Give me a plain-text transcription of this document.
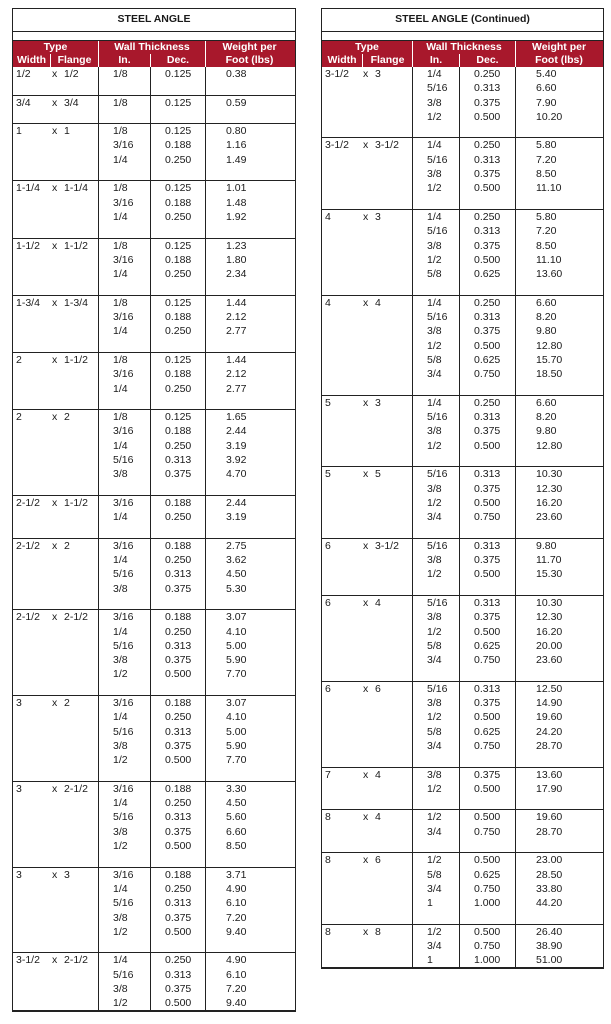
STEEL ANGLE
Type	Wall Thickness	Weight per
Width	Flange	In.	Dec.	Foot (lbs)
1/2	x 1/2	1/8	0.125	0.38
3/4	x 3/4	1/8	0.125	0.59
1	x 1	1/8	0.125	0.80
3/16	0.188	1.16
1/4	0.250	1.49
1-1/4	x 1-1/4	1/8	0.125	1.01
3/16	0.188	1.48
1/4	0.250	1.92
1-1/2	x 1-1/2	1/8	0.125	1.23
3/16	0.188	1.80
1/4	0.250	2.34
1-3/4	x 1-3/4	1/8	0.125	1.44
3/16	0.188	2.12
1/4	0.250	2.77
2	x 1-1/2	1/8	0.125	1.44
3/16	0.188	2.12
1/4	0.250	2.77
2	x 2	1/8	0.125	1.65
3/16	0.188	2.44
1/4	0.250	3.19
5/16	0.313	3.92
3/8	0.375	4.70
2-1/2	x 1-1/2	3/16	0.188	2.44
1/4	0.250	3.19
2-1/2	x 2	3/16	0.188	2.75
1/4	0.250	3.62
5/16	0.313	4.50
3/8	0.375	5.30
2-1/2	x 2-1/2	3/16	0.188	3.07
1/4	0.250	4.10
5/16	0.313	5.00
3/8	0.375	5.90
1/2	0.500	7.70
3	x 2	3/16	0.188	3.07
1/4	0.250	4.10
5/16	0.313	5.00
3/8	0.375	5.90
1/2	0.500	7.70
3	x 2-1/2	3/16	0.188	3.30
1/4	0.250	4.50
5/16	0.313	5.60
3/8	0.375	6.60
1/2	0.500	8.50
3	x 3	3/16	0.188	3.71
1/4	0.250	4.90
5/16	0.313	6.10
3/8	0.375	7.20
1/2	0.500	9.40
3-1/2	x 2-1/2	1/4	0.250	4.90
5/16	0.313	6.10
3/8	0.375	7.20
1/2	0.500	9.40
STEEL ANGLE (Continued)
Type	Wall Thickness	Weight per
Width	Flange	In.	Dec.	Foot (lbs)
3-1/2	x 3	1/4	0.250	5.40
5/16	0.313	6.60
3/8	0.375	7.90
1/2	0.500	10.20
3-1/2	x 3-1/2	1/4	0.250	5.80
5/16	0.313	7.20
3/8	0.375	8.50
1/2	0.500	11.10
4	x 3	1/4	0.250	5.80
5/16	0.313	7.20
3/8	0.375	8.50
1/2	0.500	11.10
5/8	0.625	13.60
4	x 4	1/4	0.250	6.60
5/16	0.313	8.20
3/8	0.375	9.80
1/2	0.500	12.80
5/8	0.625	15.70
3/4	0.750	18.50
5	x 3	1/4	0.250	6.60
5/16	0.313	8.20
3/8	0.375	9.80
1/2	0.500	12.80
5	x 5	5/16	0.313	10.30
3/8	0.375	12.30
1/2	0.500	16.20
3/4	0.750	23.60
6	x 3-1/2	5/16	0.313	9.80
3/8	0.375	11.70
1/2	0.500	15.30
6	x 4	5/16	0.313	10.30
3/8	0.375	12.30
1/2	0.500	16.20
5/8	0.625	20.00
3/4	0.750	23.60
6	x 6	5/16	0.313	12.50
3/8	0.375	14.90
1/2	0.500	19.60
5/8	0.625	24.20
3/4	0.750	28.70
7	x 4	3/8	0.375	13.60
1/2	0.500	17.90
8	x 4	1/2	0.500	19.60
3/4	0.750	28.70
8	x 6	1/2	0.500	23.00
5/8	0.625	28.50
3/4	0.750	33.80
1	1.000	44.20
8	x 8	1/2	0.500	26.40
3/4	0.750	38.90
1	1.000	51.00
